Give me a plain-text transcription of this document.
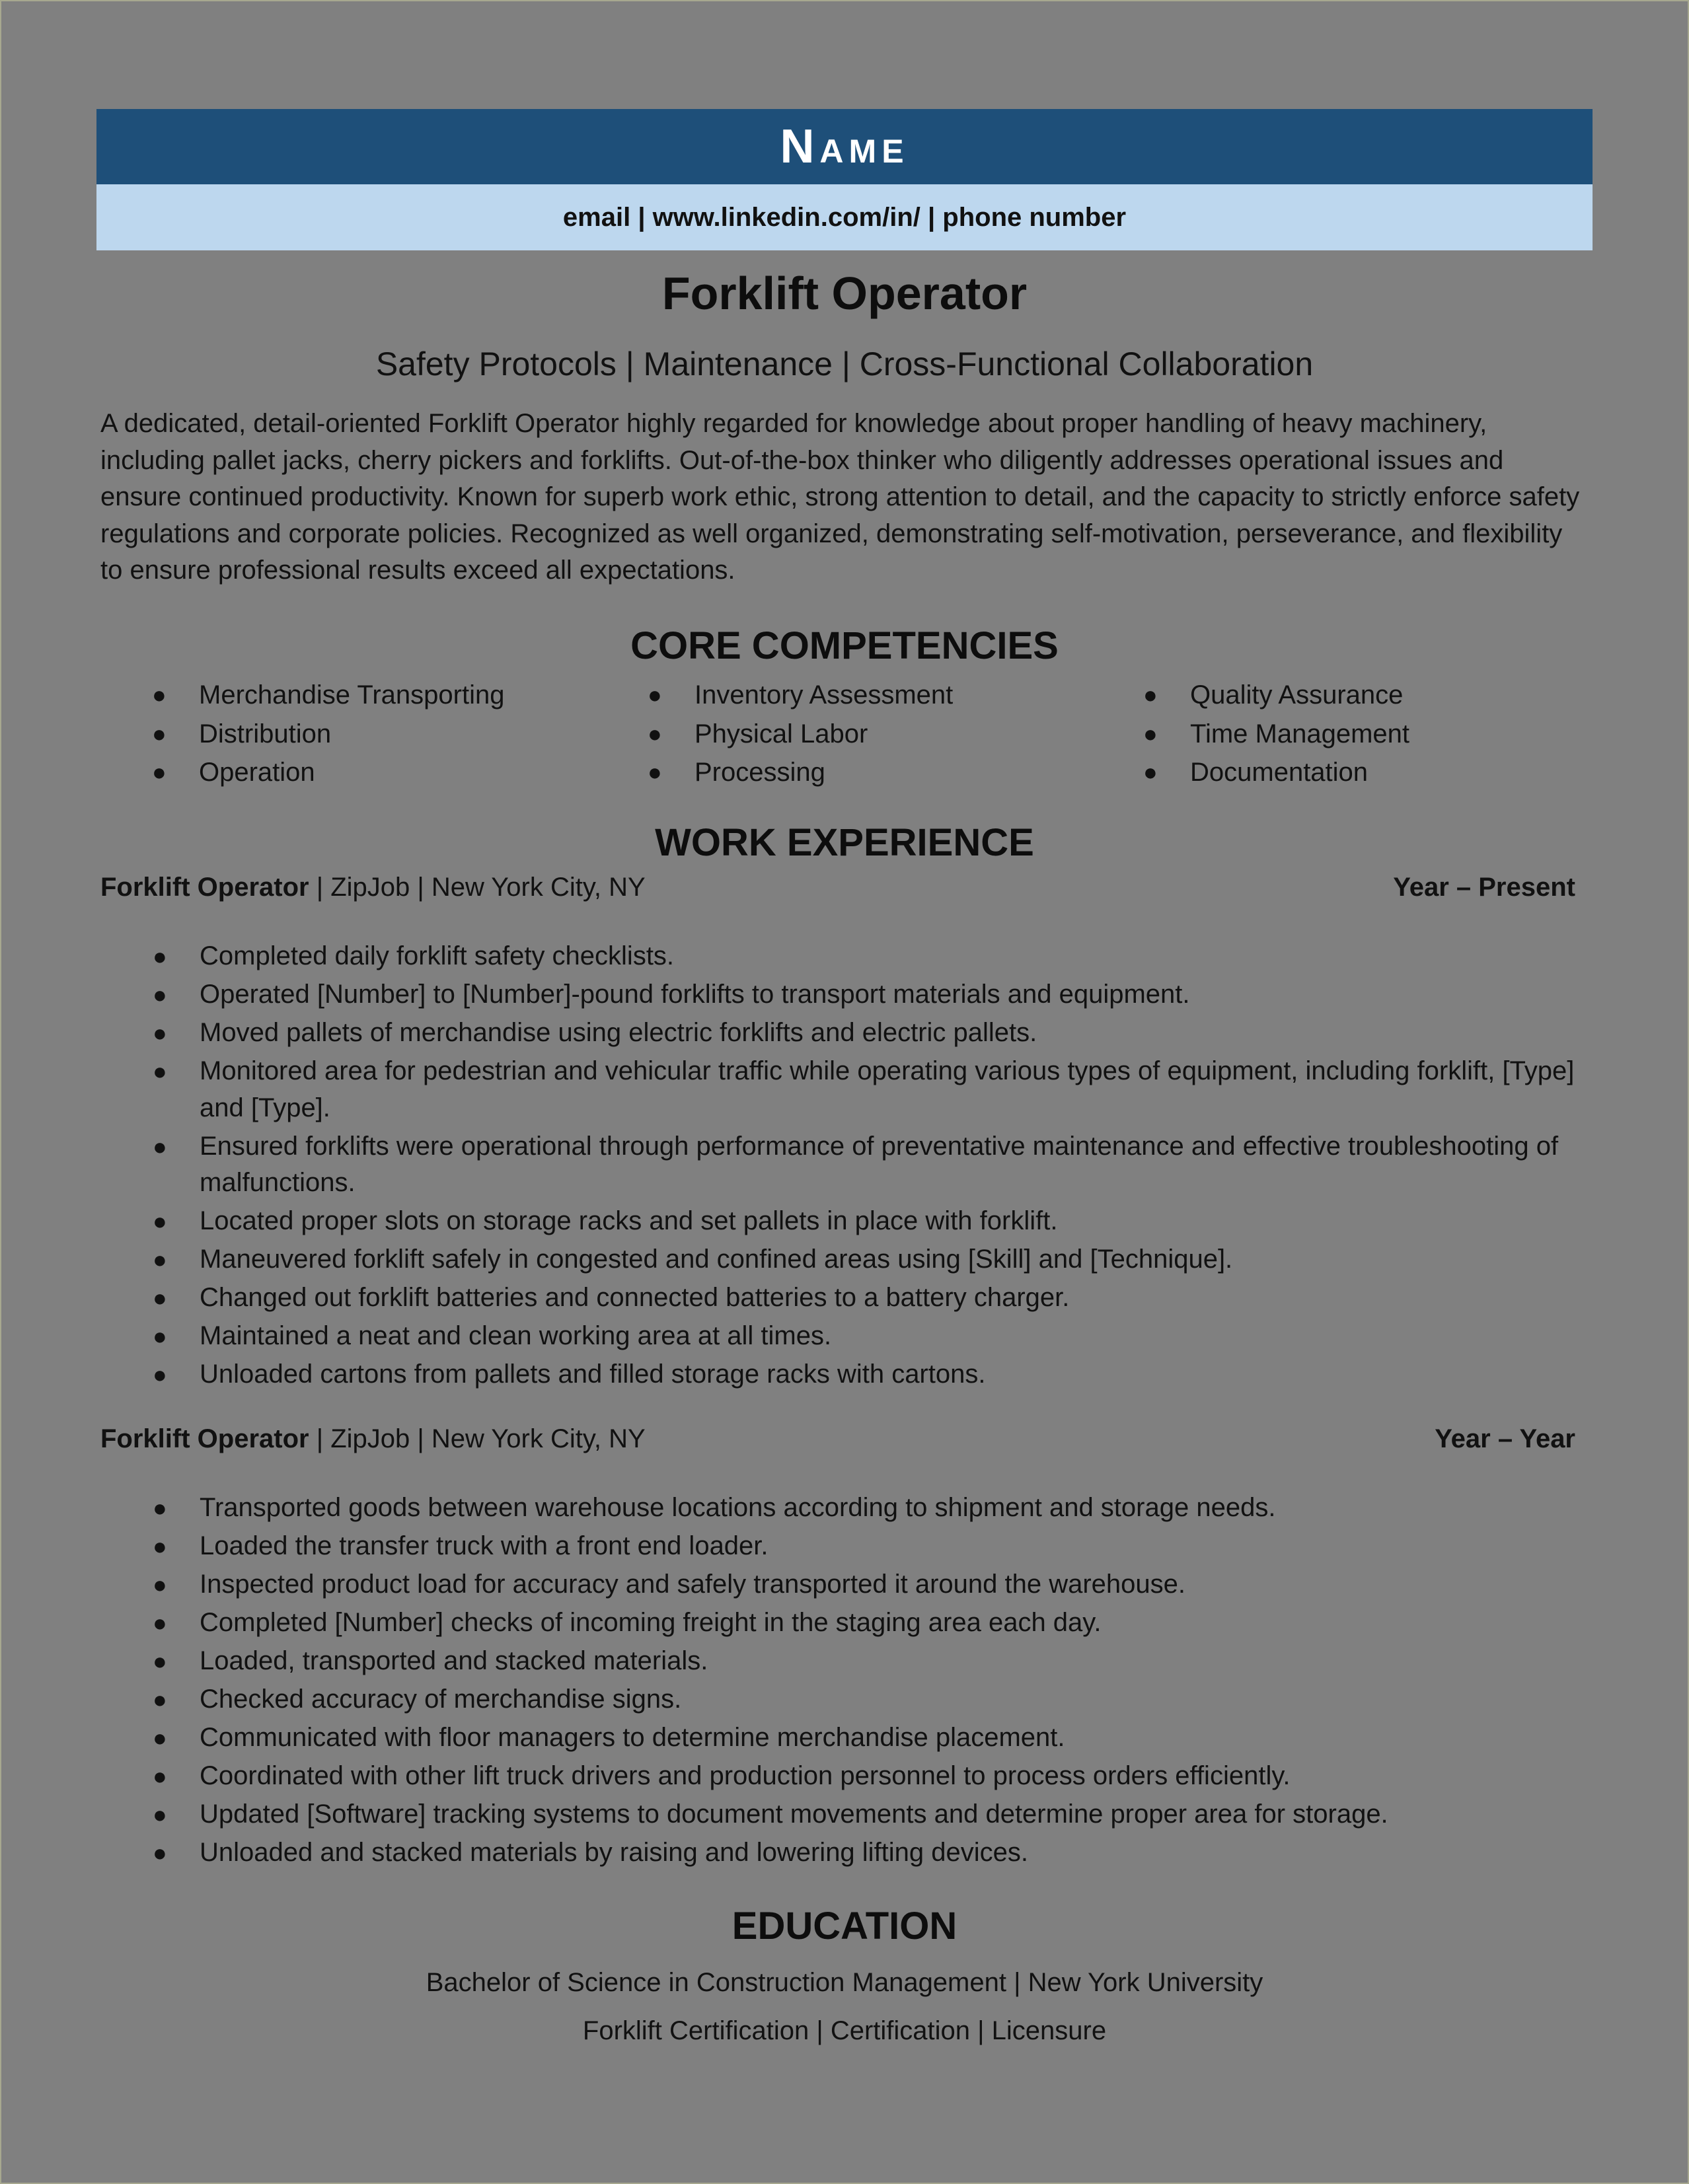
Name
email | www.linkedin.com/in/ | phone number
Forklift Operator
Safety Protocols | Maintenance | Cross-Functional Collaboration
A dedicated, detail-oriented Forklift Operator highly regarded for knowledge about proper handling of heavy machinery, including pallet jacks, cherry pickers and forklifts. Out-of-the-box thinker who diligently addresses operational issues and ensure continued productivity. Known for superb work ethic, strong attention to detail, and the capacity to strictly enforce safety regulations and corporate policies. Recognized as well organized, demonstrating self-motivation, perseverance, and flexibility to ensure professional results exceed all expectations.
CORE COMPETENCIES
● Merchandise Transporting
● Distribution
● Operation
● Inventory Assessment
● Physical Labor
● Processing
● Quality Assurance
● Time Management
● Documentation
WORK EXPERIENCE
Forklift Operator | ZipJob | New York City, NY	Year – Present
● Completed daily forklift safety checklists.
● Operated [Number] to [Number]-pound forklifts to transport materials and equipment.
● Moved pallets of merchandise using electric forklifts and electric pallets.
● Monitored area for pedestrian and vehicular traffic while operating various types of equipment, including forklift, [Type] and [Type].
● Ensured forklifts were operational through performance of preventative maintenance and effective troubleshooting of malfunctions.
● Located proper slots on storage racks and set pallets in place with forklift.
● Maneuvered forklift safely in congested and confined areas using [Skill] and [Technique].
● Changed out forklift batteries and connected batteries to a battery charger.
● Maintained a neat and clean working area at all times.
● Unloaded cartons from pallets and filled storage racks with cartons.
Forklift Operator | ZipJob | New York City, NY	Year – Year
● Transported goods between warehouse locations according to shipment and storage needs.
● Loaded the transfer truck with a front end loader.
● Inspected product load for accuracy and safely transported it around the warehouse.
● Completed [Number] checks of incoming freight in the staging area each day.
● Loaded, transported and stacked materials.
● Checked accuracy of merchandise signs.
● Communicated with floor managers to determine merchandise placement.
● Coordinated with other lift truck drivers and production personnel to process orders efficiently.
● Updated [Software] tracking systems to document movements and determine proper area for storage.
● Unloaded and stacked materials by raising and lowering lifting devices.
EDUCATION
Bachelor of Science in Construction Management | New York University
Forklift Certification | Certification | Licensure
